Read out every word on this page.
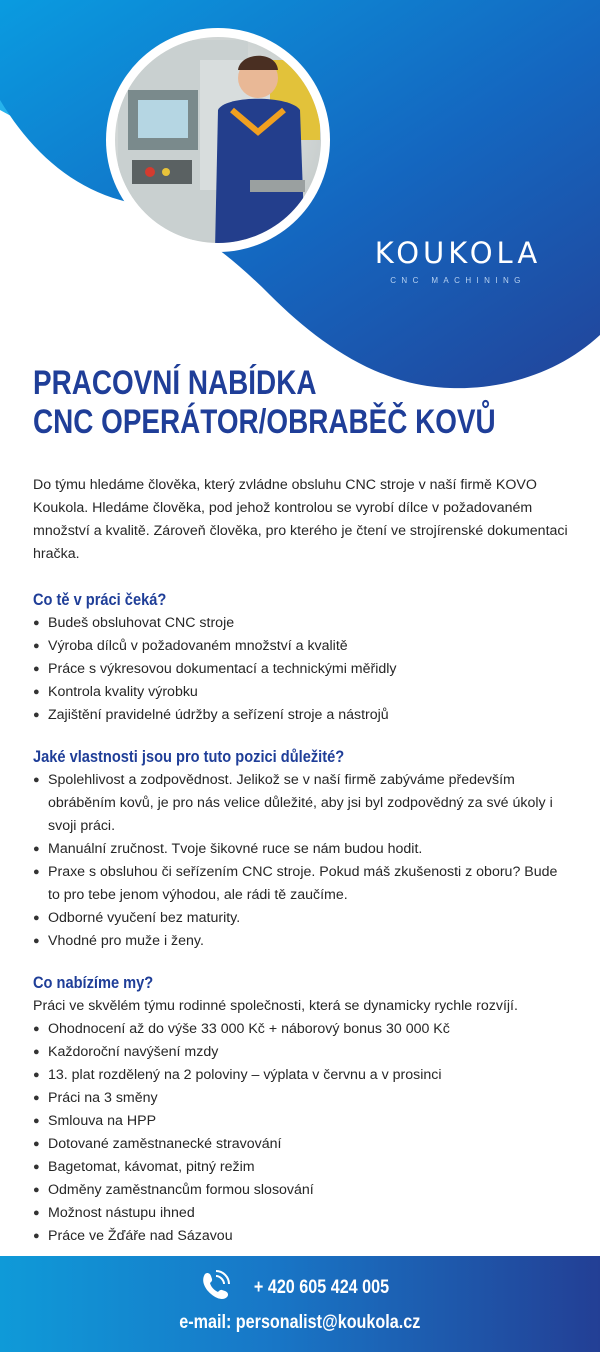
KOUKOLA
CNC MACHINING
PRACOVNÍ NABÍDKA
CNC OPERÁTOR/OBRABĚČ KOVŮ

Do týmu hledáme člověka, který zvládne obsluhu CNC stroje v naší firmě KOVO Koukola. Hledáme člověka, pod jehož kontrolou se vyrobí dílce v požadovaném množství a kvalitě. Zároveň člověka, pro kterého je čtení ve strojírenské dokumentaci hračka.

Co tě v práci čeká?
● Budeš obsluhovat CNC stroje
● Výroba dílců v požadovaném množství a kvalitě
● Práce s výkresovou dokumentací a technickými měřidly
● Kontrola kvality výrobku
● Zajištění pravidelné údržby a seřízení stroje a nástrojů
Jaké vlastnosti jsou pro tuto pozici důležité?
● Spolehlivost a zodpovědnost. Jelikož se v naší firmě zabýváme především obráběním kovů, je pro nás velice důležité, aby jsi byl zodpovědný za své úkoly i svoji práci.
● Manuální zručnost. Tvoje šikovné ruce se nám budou hodit.
● Praxe s obsluhou či seřízením CNC stroje. Pokud máš zkušenosti z oboru? Bude to pro tebe jenom výhodou, ale rádi tě zaučíme.
● Odborné vyučení bez maturity.
● Vhodné pro muže i ženy.
Co nabízíme my?

Práci ve skvělém týmu rodinné společnosti, která se dynamicky rychle rozvíjí.

● Ohodnocení až do výše 33 000 Kč + náborový bonus 30 000 Kč
● Každoroční navýšení mzdy
● 13. plat rozdělený na 2 poloviny – výplata v červnu a v prosinci
● Práci na 3 směny
● Smlouva na HPP
● Dotované zaměstnanecké stravování
● Bagetomat, kávomat, pitný režim
● Odměny zaměstnancům formou slosování
● Možnost nástupu ihned
● Práce ve Žďáře nad Sázavou
+ 420 605 424 005
e-mail: personalist@koukola.cz
